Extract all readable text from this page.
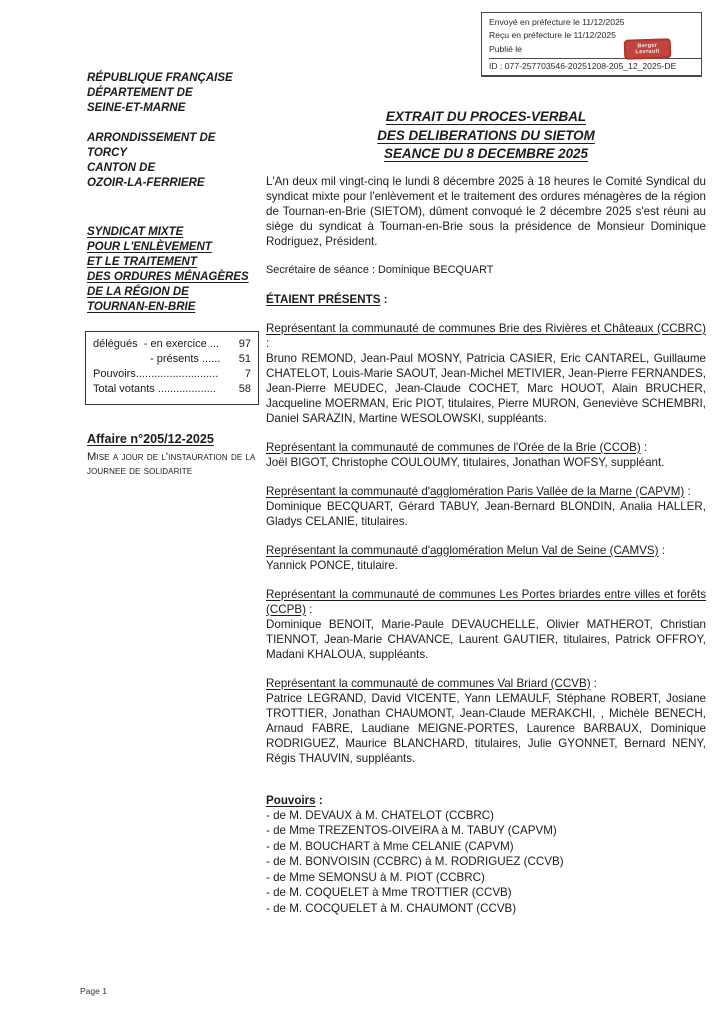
Envoyé en préfecture le 11/12/2025
Reçu en préfecture le 11/12/2025
Publié le
ID : 077-257703546-20251208-205_12_2025-DE
Berger
Levrault
RÉPUBLIQUE FRANÇAISE
DÉPARTEMENT DE
SEINE-ET-MARNE
ARRONDISSEMENT DE
TORCY
CANTON DE
OZOIR-LA-FERRIERE
SYNDICAT MIXTE
POUR L'ENLÈVEMENT
ET LE TRAITEMENT
DES ORDURES MÉNAGÈRES
DE LA RÉGION DE
TOURNAN-EN-BRIE
délégués  - en exercice ... 97
- présents ...... 51
Pouvoirs........................... 7
Total votants ................... 58
Affaire n°205/12-2025
Mise a jour de l'instauration de la journee de solidarite
EXTRAIT DU PROCES-VERBAL
DES DELIBERATIONS DU SIETOM
SEANCE DU 8 DECEMBRE 2025
L'An deux mil vingt-cinq le lundi 8 décembre 2025 à 18 heures le Comité Syndical du syndicat mixte pour l'enlèvement et le traitement des ordures ménagères de la région de Tournan-en-Brie (SIETOM), dûment convoqué le 2 décembre 2025 s'est réuni au siège du syndicat à Tournan-en-Brie sous la présidence de Monsieur Dominique Rodriguez, Président.
Secrétaire de séance : Dominique BECQUART
ÉTAIENT PRÉSENTS :
Représentant la communauté de communes Brie des Rivières et Châteaux (CCBRC) :
Bruno REMOND, Jean-Paul MOSNY, Patricia CASIER, Eric CANTAREL, Guillaume CHATELOT, Louis-Marie SAOUT, Jean-Michel METIVIER, Jean-Pierre FERNANDES, Jean-Pierre MEUDEC, Jean-Claude COCHET, Marc HOUOT, Alain BRUCHER, Jacqueline MOERMAN, Eric PIOT, titulaires, Pierre MURON, Geneviève SCHEMBRI, Daniel SARAZIN, Martine WESOLOWSKI, suppléants.
Représentant la communauté de communes de l'Orée de la Brie (CCOB) :
Joël BIGOT, Christophe COULOUMY, titulaires, Jonathan WOFSY, suppléant.
Représentant la communauté d'agglomération Paris Vallée de la Marne (CAPVM) :
Dominique BECQUART, Gérard TABUY, Jean-Bernard BLONDIN, Analia HALLER, Gladys CELANIE, titulaires.
Représentant la communauté d'agglomération Melun Val de Seine (CAMVS) :
Yannick PONCE, titulaire.
Représentant la communauté de communes Les Portes briardes entre villes et forêts (CCPB) :
Dominique BENOIT, Marie-Paule DEVAUCHELLE, Olivier MATHEROT, Christian TIENNOT, Jean-Marie CHAVANCE, Laurent GAUTIER, titulaires, Patrick OFFROY, Madani KHALOUA, suppléants.
Représentant la communauté de communes Val Briard (CCVB) :
Patrice LEGRAND, David VICENTE, Yann LEMAULF, Stéphane ROBERT, Josiane TROTTIER, Jonathan CHAUMONT, Jean-Claude MERAKCHI, , Michèle BENECH, Arnaud FABRE, Laudiane MEIGNE-PORTES, Laurence BARBAUX, Dominique RODRIGUEZ, Maurice BLANCHARD, titulaires, Julie GYONNET, Bernard NENY, Régis THAUVIN, suppléants.
Pouvoirs :
- de M. DEVAUX à M. CHATELOT (CCBRC)
- de Mme TREZENTOS-OIVEIRA à M. TABUY (CAPVM)
- de M. BOUCHART à Mme CELANIE (CAPVM)
- de M. BONVOISIN (CCBRC) à M. RODRIGUEZ (CCVB)
- de Mme SEMONSU à M. PIOT (CCBRC)
- de M. COQUELET à Mme TROTTIER (CCVB)
- de M. COCQUELET à M. CHAUMONT (CCVB)
Page 1
